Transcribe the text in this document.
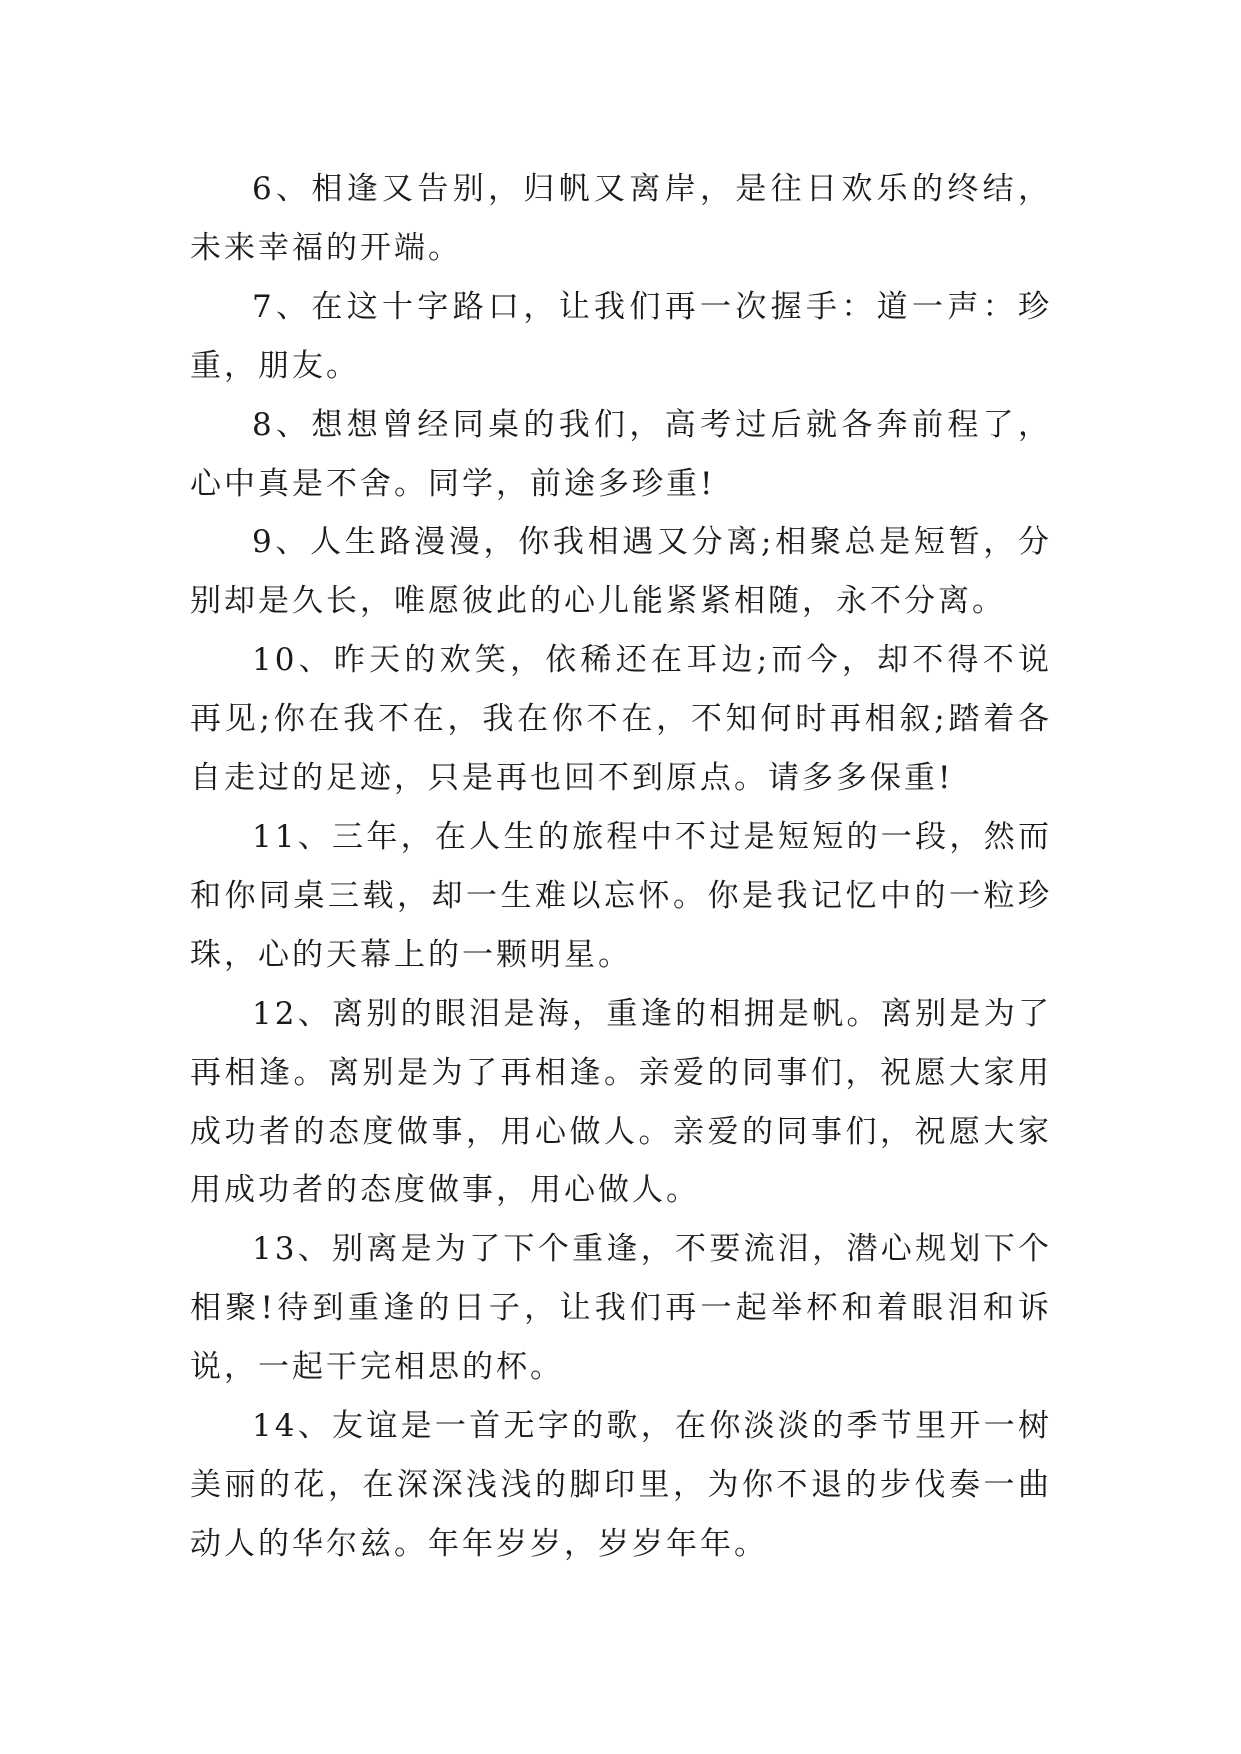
6、相逢又告别，归帆又离岸，是往日欢乐的终结，未来幸福的开端。

7、在这十字路口，让我们再一次握手：道一声：珍重，朋友。

8、想想曾经同桌的我们，高考过后就各奔前程了，心中真是不舍。同学，前途多珍重!

9、人生路漫漫，你我相遇又分离;相聚总是短暂，分别却是久长，唯愿彼此的心儿能紧紧相随，永不分离。

10、昨天的欢笑，依稀还在耳边;而今，却不得不说再见;你在我不在，我在你不在，不知何时再相叙;踏着各自走过的足迹，只是再也回不到原点。请多多保重!

11、三年，在人生的旅程中不过是短短的一段，然而和你同桌三载，却一生难以忘怀。你是我记忆中的一粒珍珠，心的天幕上的一颗明星。

12、离别的眼泪是海，重逢的相拥是帆。离别是为了再相逢。离别是为了再相逢。亲爱的同事们，祝愿大家用成功者的态度做事，用心做人。亲爱的同事们，祝愿大家用成功者的态度做事，用心做人。

13、别离是为了下个重逢，不要流泪，潜心规划下个相聚!待到重逢的日子，让我们再一起举杯和着眼泪和诉说，一起干完相思的杯。

14、友谊是一首无字的歌，在你淡淡的季节里开一树美丽的花，在深深浅浅的脚印里，为你不退的步伐奏一曲动人的华尔兹。年年岁岁，岁岁年年。
